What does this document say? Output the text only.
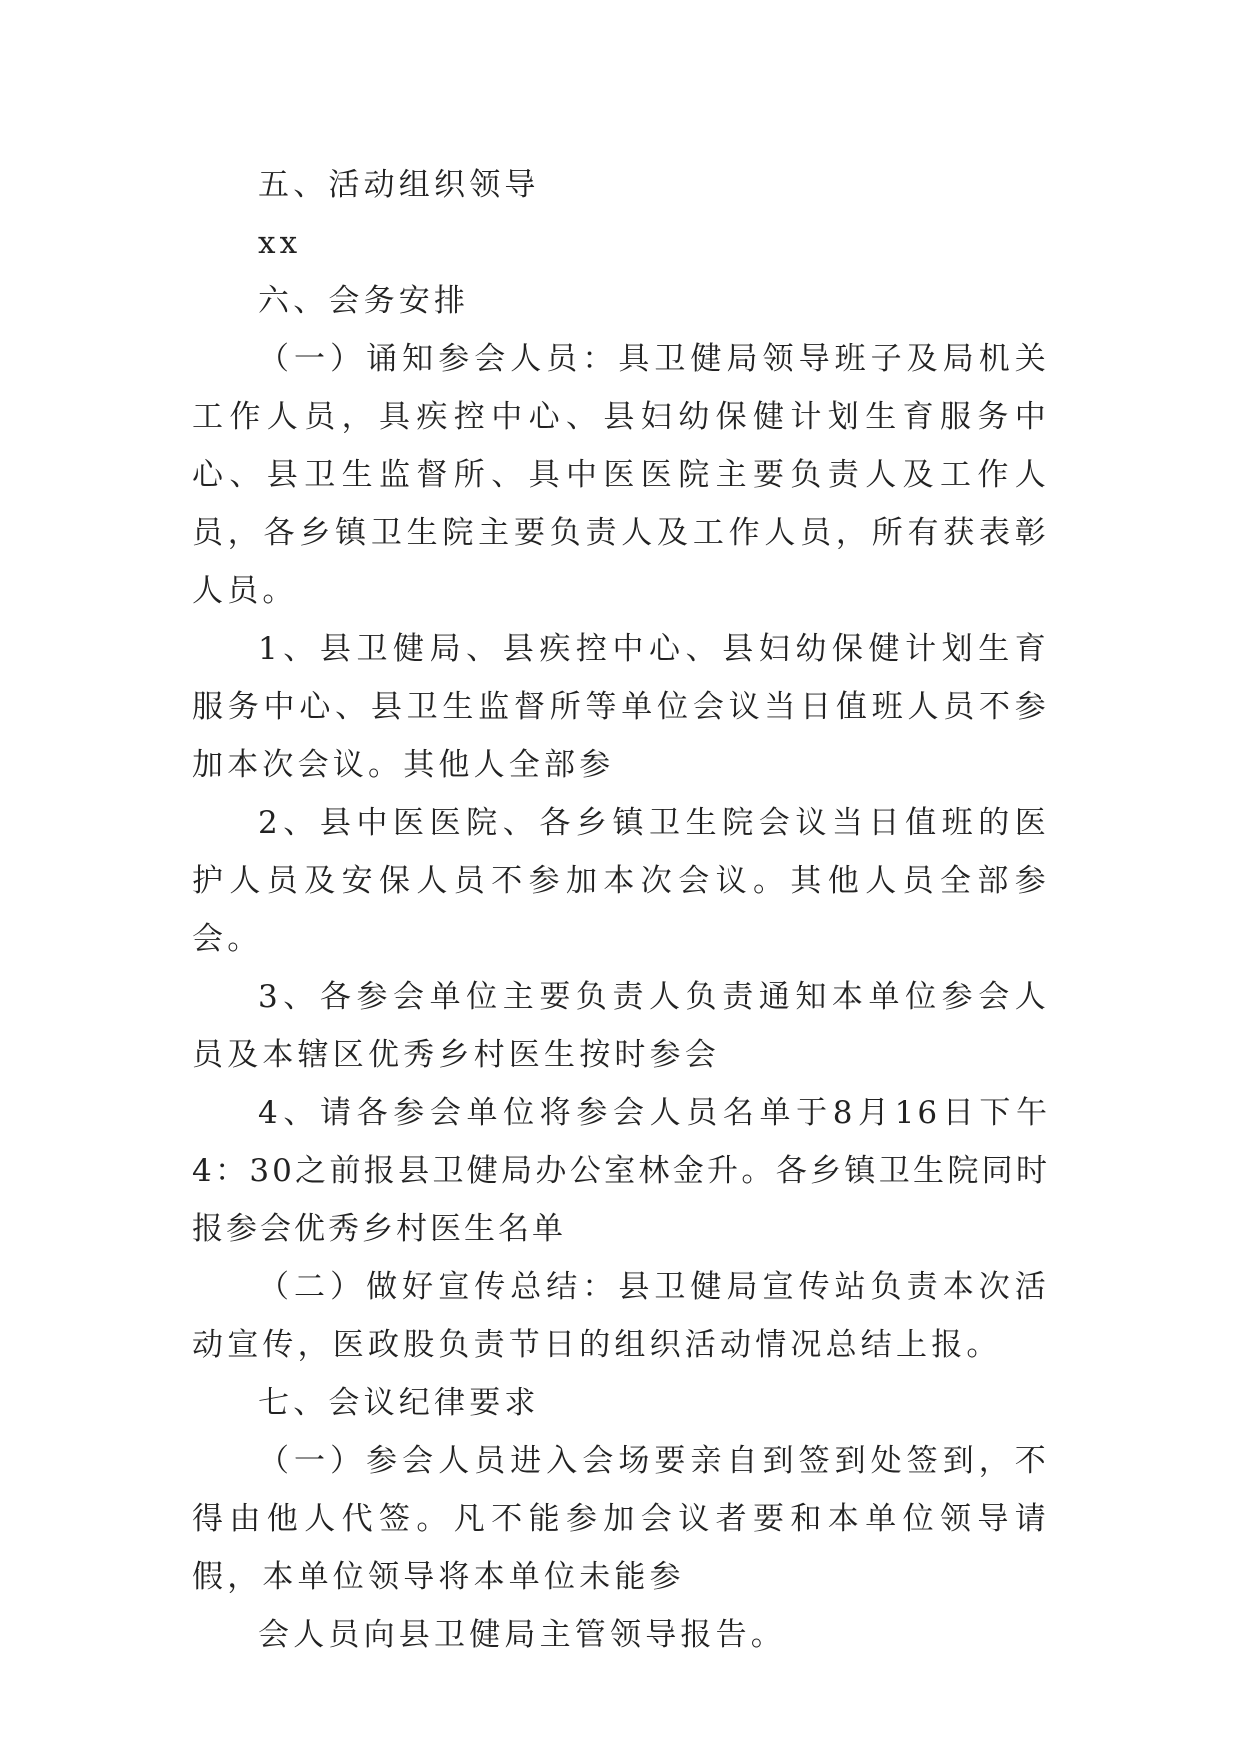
五、活动组织领导

xx

六、会务安排

（一）诵知参会人员：具卫健局领导班子及局机关工作人员，具疾控中心、县妇幼保健计划生育服务中心、县卫生监督所、具中医医院主要负责人及工作人员，各乡镇卫生院主要负责人及工作人员，所有获表彰人员。

1、县卫健局、县疾控中心、县妇幼保健计划生育服务中心、县卫生监督所等单位会议当日值班人员不参加本次会议。其他人全部参

2、县中医医院、各乡镇卫生院会议当日值班的医护人员及安保人员不参加本次会议。其他人员全部参会。

3、各参会单位主要负责人负责通知本单位参会人员及本辖区优秀乡村医生按时参会

4、请各参会单位将参会人员名单于8月16日下午4：30之前报县卫健局办公室林金升。各乡镇卫生院同时报参会优秀乡村医生名单

（二）做好宣传总结：县卫健局宣传站负责本次活动宣传，医政股负责节日的组织活动情况总结上报。

七、会议纪律要求

（一）参会人员进入会场要亲自到签到处签到，不得由他人代签。凡不能参加会议者要和本单位领导请假，本单位领导将本单位未能参

会人员向县卫健局主管领导报告。
